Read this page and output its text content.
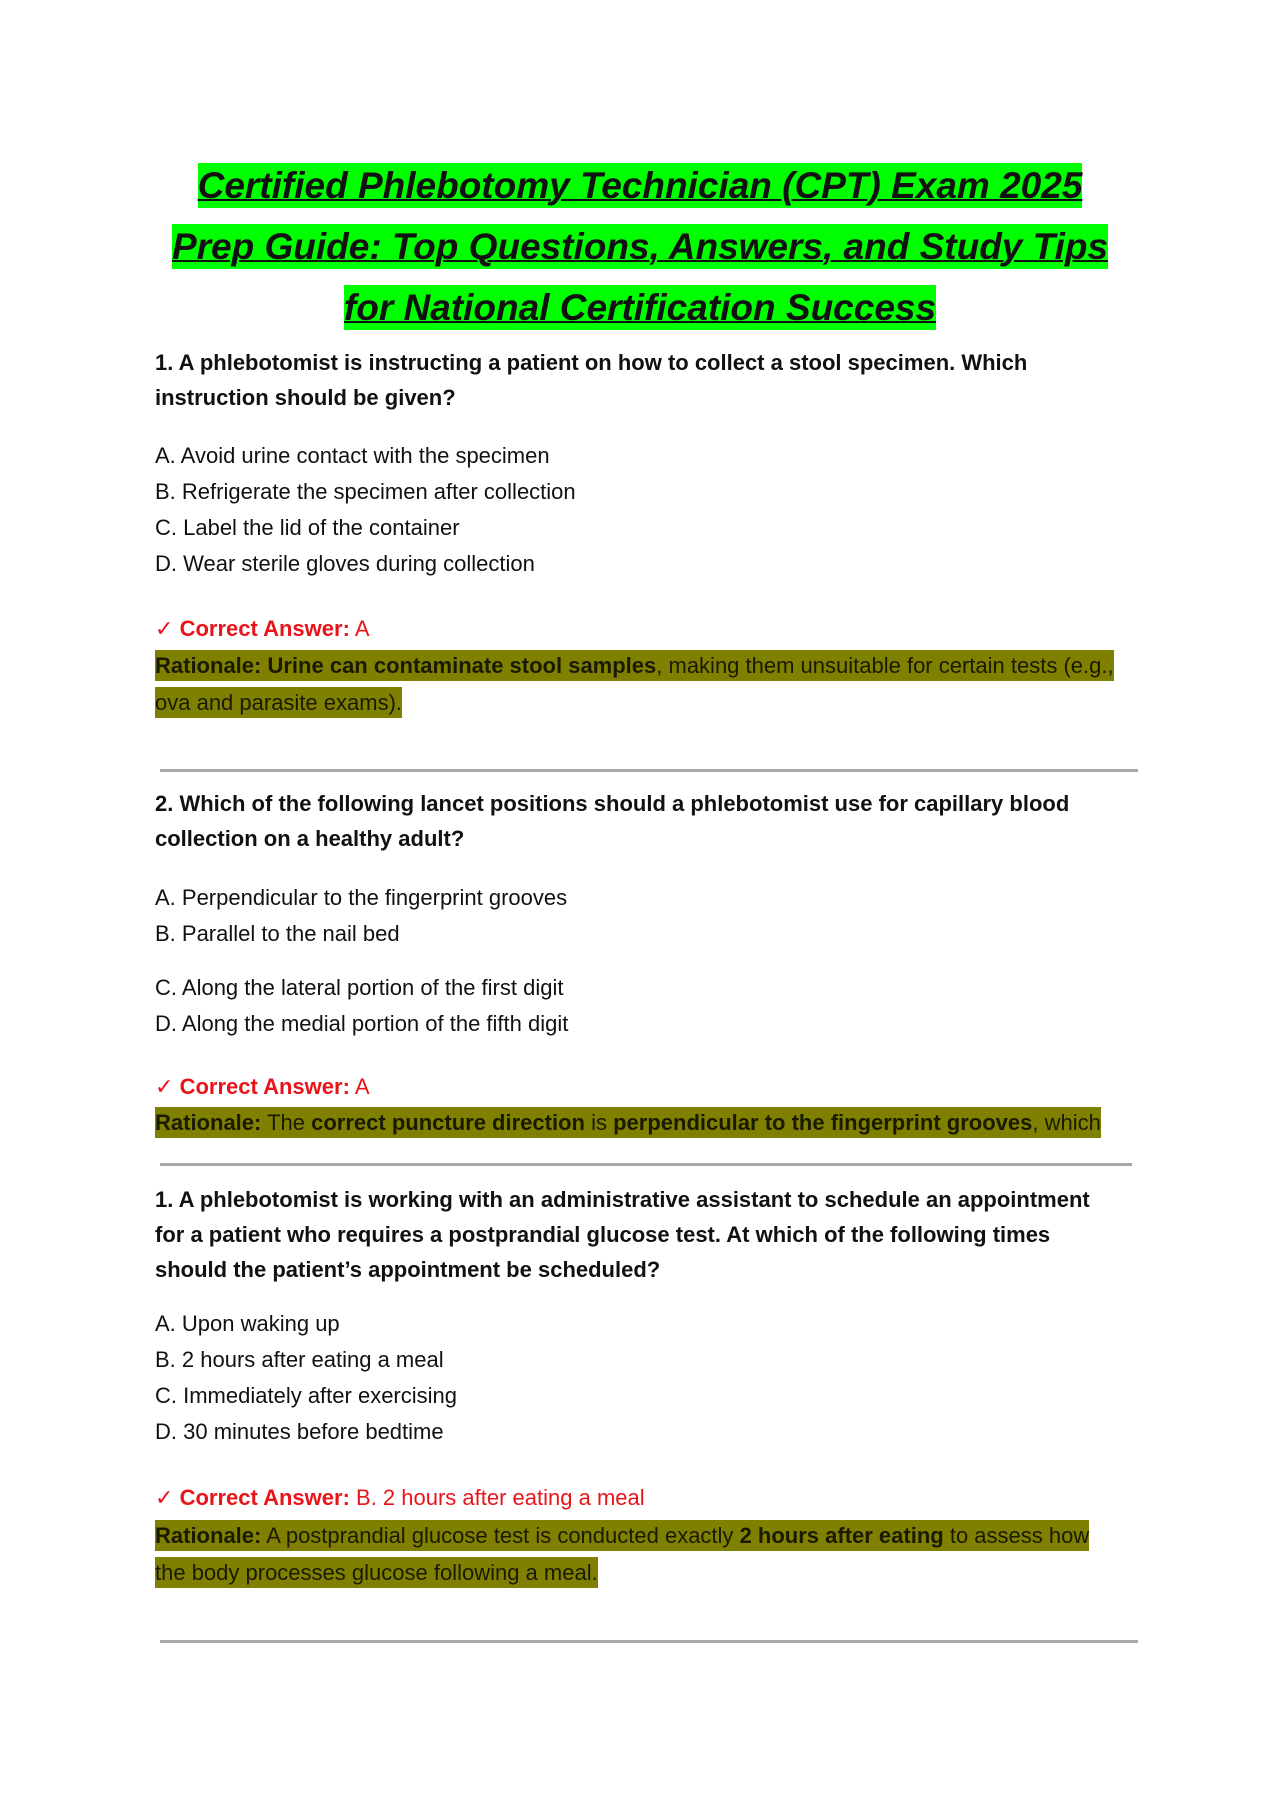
Certified Phlebotomy Technician (CPT) Exam 2025
Prep Guide: Top Questions, Answers, and Study Tips
for National Certification Success
1. A phlebotomist is instructing a patient on how to collect a stool specimen. Which instruction should be given?
A. Avoid urine contact with the specimen
B. Refrigerate the specimen after collection
C. Label the lid of the container
D. Wear sterile gloves during collection
✓ Correct Answer: A
Rationale: Urine can contaminate stool samples, making them unsuitable for certain tests (e.g., ova and parasite exams).
2. Which of the following lancet positions should a phlebotomist use for capillary blood collection on a healthy adult?
A. Perpendicular to the fingerprint grooves
B. Parallel to the nail bed
C. Along the lateral portion of the first digit
D. Along the medial portion of the fifth digit
✓ Correct Answer: A
Rationale: The correct puncture direction is perpendicular to the fingerprint grooves, which
1. A phlebotomist is working with an administrative assistant to schedule an appointment for a patient who requires a postprandial glucose test. At which of the following times should the patient’s appointment be scheduled?
A. Upon waking up
B. 2 hours after eating a meal
C. Immediately after exercising
D. 30 minutes before bedtime
✓ Correct Answer: B. 2 hours after eating a meal
Rationale: A postprandial glucose test is conducted exactly 2 hours after eating to assess how the body processes glucose following a meal.
